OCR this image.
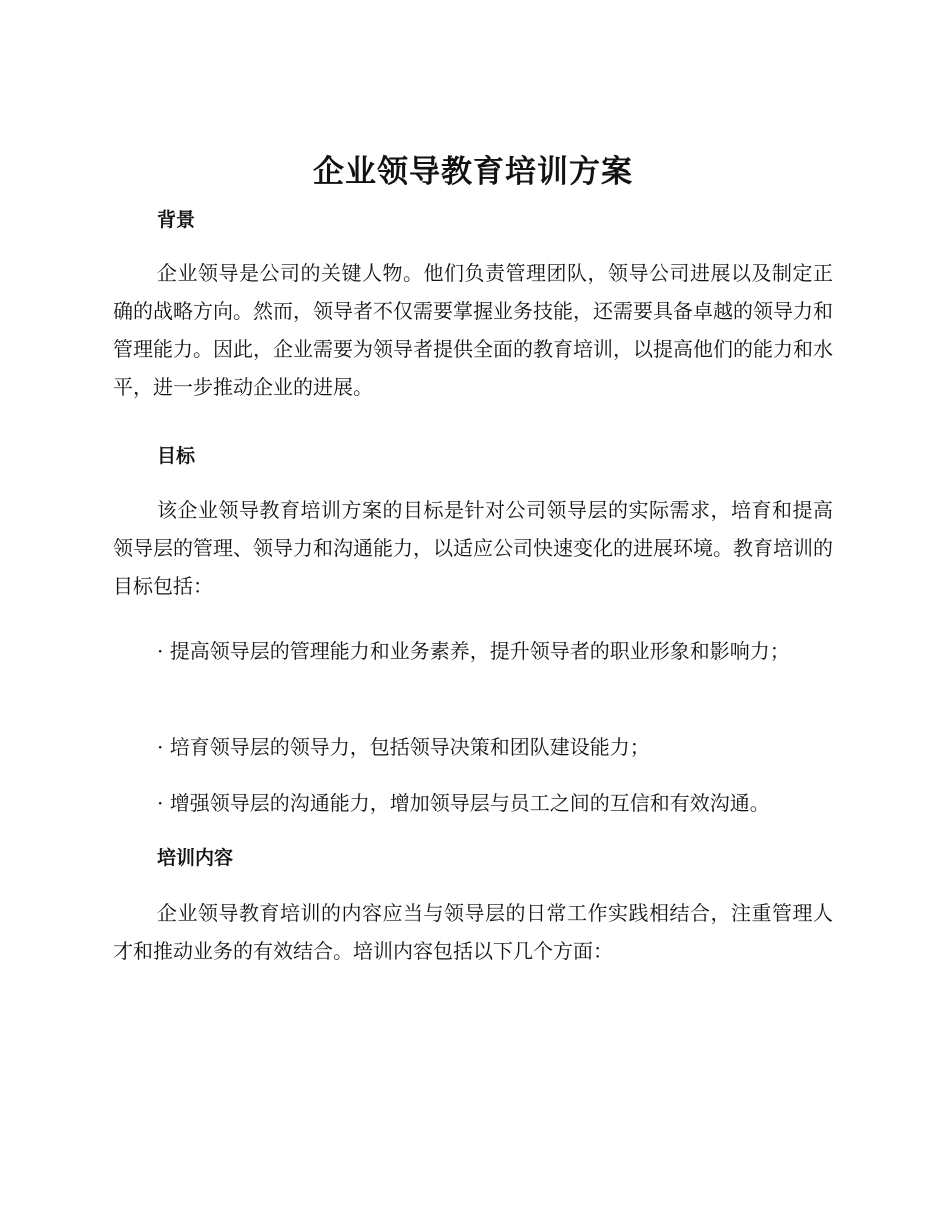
企业领导教育培训方案
背景

企业领导是公司的关键人物。他们负责管理团队，领导公司进展以及制定正确的战略方向。然而，领导者不仅需要掌握业务技能，还需要具备卓越的领导力和管理能力。因此，企业需要为领导者提供全面的教育培训，以提高他们的能力和水平，进一步推动企业的进展。

目标

该企业领导教育培训方案的目标是针对公司领导层的实际需求，培育和提高领导层的管理、领导力和沟通能力，以适应公司快速变化的进展环境。教育培训的目标包括：

· 提高领导层的管理能力和业务素养，提升领导者的职业形象和影响力；

· 培育领导层的领导力，包括领导决策和团队建设能力；

· 增强领导层的沟通能力，增加领导层与员工之间的互信和有效沟通。

培训内容

企业领导教育培训的内容应当与领导层的日常工作实践相结合，注重管理人才和推动业务的有效结合。培训内容包括以下几个方面：
